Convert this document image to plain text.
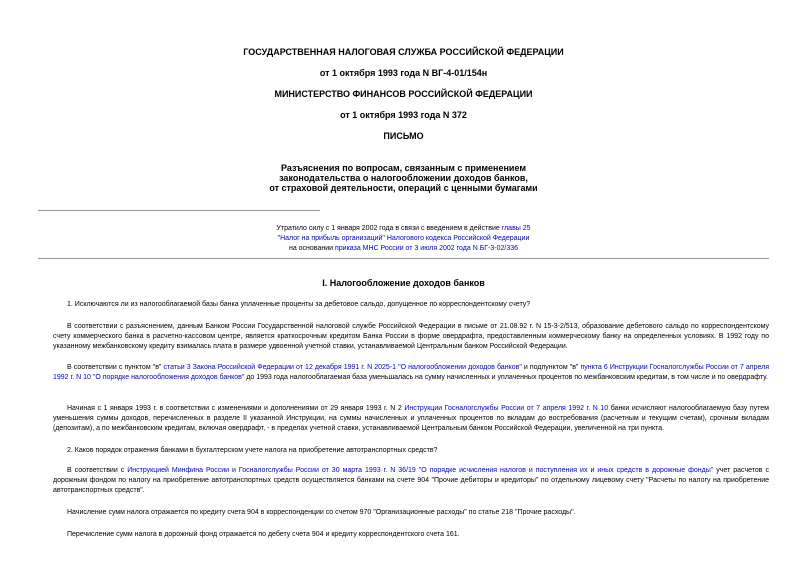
ГОСУДАРСТВЕННАЯ НАЛОГОВАЯ СЛУЖБА РОССИЙСКОЙ ФЕДЕРАЦИИ
от 1 октября 1993 года N ВГ-4-01/154н
МИНИСТЕРСТВО ФИНАНСОВ РОССИЙСКОЙ ФЕДЕРАЦИИ
от 1 октября 1993 года N 372
ПИСЬМО
Разъяснения по вопросам, связанным с применением
законодательства о налогообложении доходов банков,
от страховой деятельности, операций с ценными бумагами
Утратило силу с 1 января 2002 года в связи с введением в действие главы 25
"Налог на прибыль организаций" Налогового кодекса Российской Федерации
на основании приказа МНС России от 3 июля 2002 года N БГ-3-02/336
I. Налогообложение доходов банков
1. Исключаются ли из налогооблагаемой базы банка уплаченные проценты за дебетовое сальдо, допущенное по корреспондентскому счету?
В соответствии с разъяснением, данным Банком России Государственной налоговой службе Российской Федерации в письме от 21.08.92 г. N 15-3-2/513, образование дебетового сальдо по корреспондентскому счету коммерческого банка в расчетно-кассовом центре, является краткосрочным кредитом Банка России в форме овердрафта, предоставленным коммерческому банку на определенных условиях. В 1992 году по указанному межбанковскому кредиту взималась плата в размере удвоенной учетной ставки, устанавливаемой Центральным банком Российской Федерации.
В соответствии с пунктом "в" статьи 3 Закона Российской Федерации от 12 декабря 1991 г. N 2025-1 "О налогообложении доходов банков" и подпунктом "в" пункта 6 Инструкции Госналогслужбы России от 7 апреля 1992 г. N 10 "О порядке налогообложения доходов банков" до 1993 года налогооблагаемая база уменьшалась на сумму начисленных и уплаченных процентов по межбанковским кредитам, в том числе и по овердрафту.
Начиная с 1 января 1993 г. в соответствии с изменениями и дополнениями от 29 января 1993 г. N 2 Инструкции Госналогслужбы России от 7 апреля 1992 г. N 10 банки исчисляют налогооблагаемую базу путем уменьшения суммы доходов, перечисленных в разделе II указанной Инструкции, на суммы начисленных и уплаченных процентов по вкладам до востребования (расчетным и текущим счетам), срочным вкладам (депозитам), а по межбанковским кредитам, включая овердрафт, - в пределах учетной ставки, устанавливаемой Центральным банком Российской Федерации, увеличенной на три пункта.
2. Каков порядок отражения банками в бухгалтерском учете налога на приобретение автотранспортных средств?
В соответствии с Инструкцией Минфина России и Госналогслужбы России от 30 марта 1993 г. N 36/19 "О порядке исчисления налогов и поступления их и иных средств в дорожные фонды" учет расчетов с дорожным фондом по налогу на приобретение автотранспортных средств осуществляется банками на счете 904 "Прочие дебиторы и кредиторы" по отдельному лицевому счету "Расчеты по налогу на приобретение автотранспортных средств".
Начисление сумм налога отражается по кредиту счета 904 в корреспонденции со счетом 970 "Организационные расходы" по статье 218 "Прочие расходы".
Перечисление сумм налога в дорожный фонд отражается по дебету счета 904 и кредиту корреспондентского счета 161.
